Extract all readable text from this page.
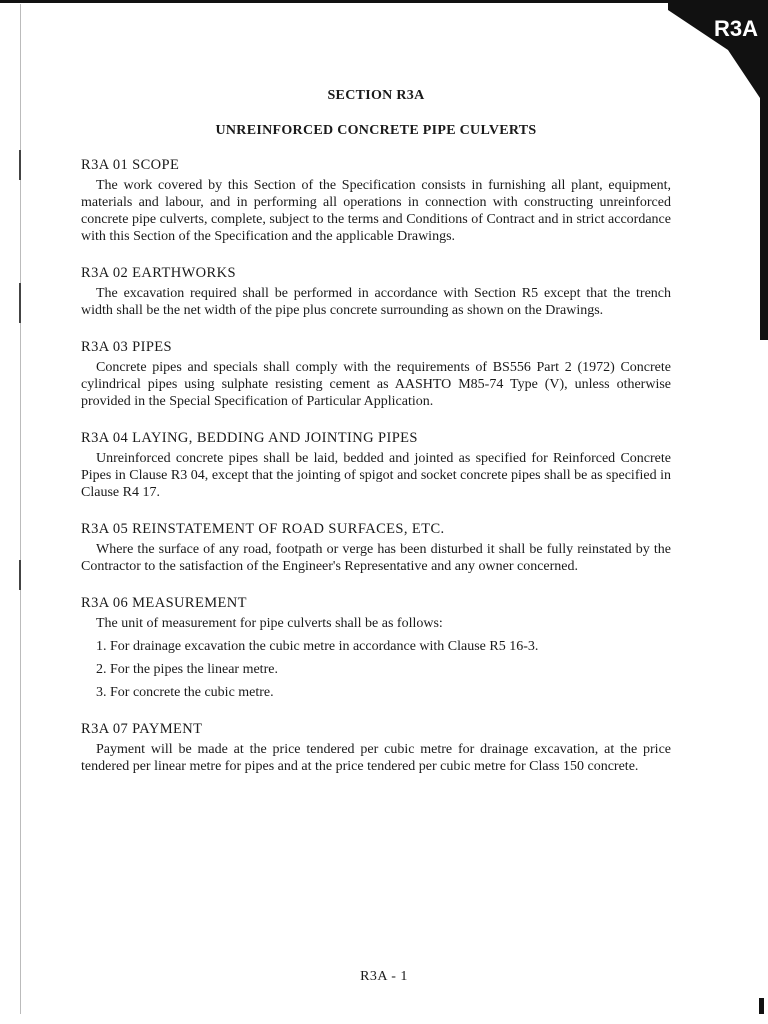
R3A
SECTION R3A
UNREINFORCED CONCRETE PIPE CULVERTS
R3A 01 SCOPE

The work covered by this Section of the Specification consists in furnishing all plant, equipment, materials and labour, and in performing all operations in connection with constructing unreinforced concrete pipe culverts, complete, subject to the terms and Conditions of Contract and in strict accordance with this Section of the Specification and the applicable Drawings.

R3A 02 EARTHWORKS

The excavation required shall be performed in accordance with Section R5 except that the trench width shall be the net width of the pipe plus concrete surrounding as shown on the Drawings.

R3A 03 PIPES

Concrete pipes and specials shall comply with the requirements of BS556 Part 2 (1972) Concrete cylindrical pipes using sulphate resisting cement as AASHTO M85-74 Type (V), unless otherwise provided in the Special Specification of Particular Application.

R3A 04 LAYING, BEDDING AND JOINTING PIPES

Unreinforced concrete pipes shall be laid, bedded and jointed as specified for Reinforced Concrete Pipes in Clause R3 04, except that the jointing of spigot and socket concrete pipes shall be as specified in Clause R4 17.

R3A 05 REINSTATEMENT OF ROAD SURFACES, ETC.

Where the surface of any road, footpath or verge has been disturbed it shall be fully reinstated by the Contractor to the satisfaction of the Engineer's Representative and any owner concerned.

R3A 06 MEASUREMENT

The unit of measurement for pipe culverts shall be as follows:

1. For drainage excavation the cubic metre in accordance with Clause R5 16-3.
2. For the pipes the linear metre.
3. For concrete the cubic metre.
R3A 07 PAYMENT

Payment will be made at the price tendered per cubic metre for drainage excavation, at the price tendered per linear metre for pipes and at the price tendered per cubic metre for Class 150 concrete.

R3A - 1
